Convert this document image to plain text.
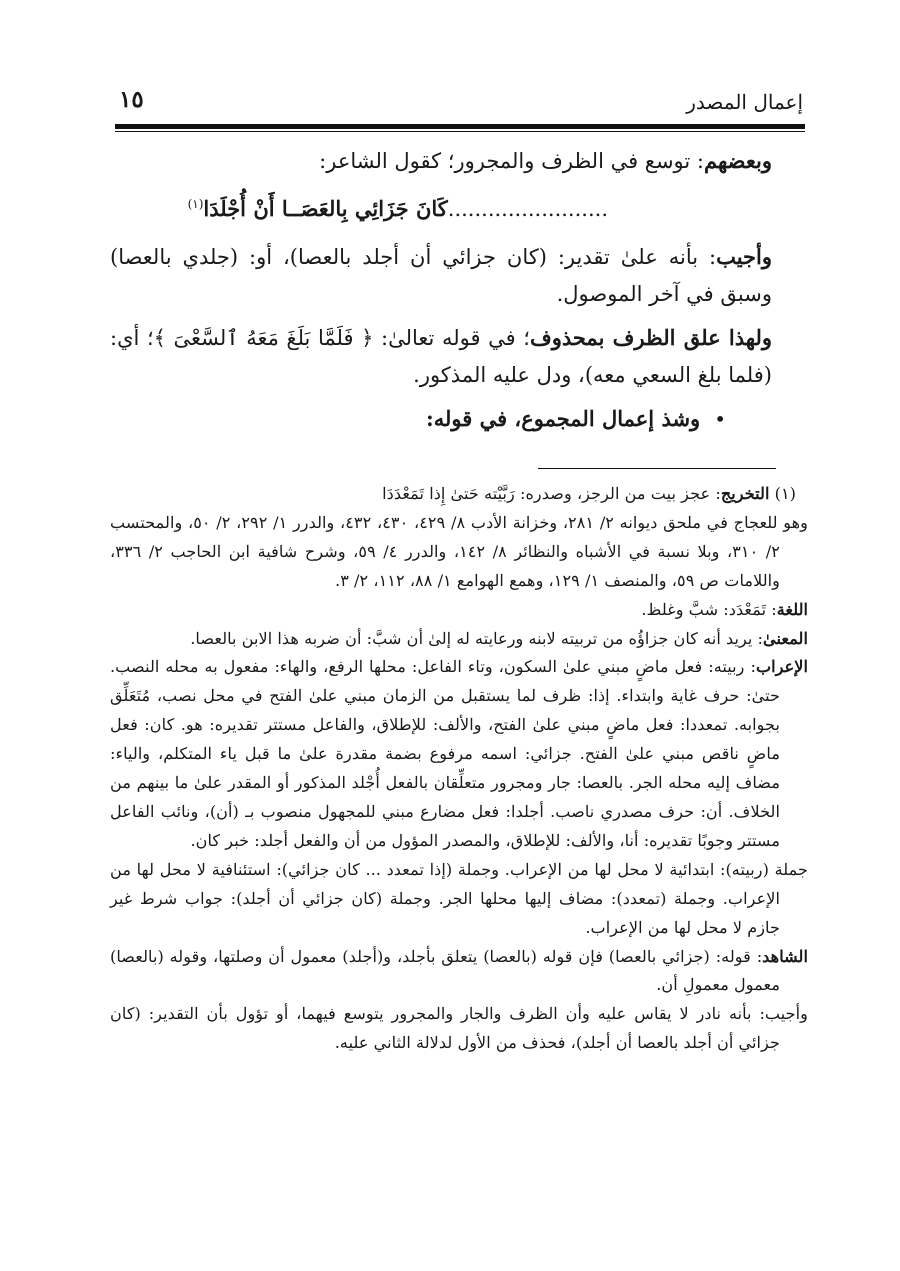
إعمال المصدر
١٥

وبعضهم: توسع في الظرف والمجرور؛ كقول الشاعر:

........................كَانَ جَزَائِي بِالعَصَــا أَنْ أُجْلَدَا$^{(١)}$

وأجيب: بأنه علىٰ تقدير: (كان جزائي أن أجلد بالعصا)، أو: (جلدي بالعصا) وسبق في آخر الموصول.

ولهذا علق الظرف بمحذوف؛ في قوله تعالىٰ: ﴿ فَلَمَّا بَلَغَ مَعَهُ ٱلسَّعْىَ ﴾؛ أي: (فلما بلغ السعي معه)، ودل عليه المذكور.

•وشذ إعمال المجموع، في قوله:

(١) التخريج: عجز بيت من الرجز، وصدره: رَبَّيْته حَتىٰ إِذا تَمَعْدَدَا

وهو للعجاج في ملحق ديوانه ٢/ ٢٨١، وخزانة الأدب ٨/ ٤٢٩، ٤٣٠، ٤٣٢، والدرر ١/ ٢٩٢، ٢/ ٥٠، والمحتسب ٢/ ٣١٠، وبلا نسبة في الأشباه والنظائر ٨/ ١٤٢، والدرر ٤/ ٥٩، وشرح شافية ابن الحاجب ٢/ ٣٣٦، واللامات ص ٥٩، والمنصف ١/ ١٢٩، وهمع الهوامع ١/ ٨٨، ١١٢، ٢/ ٣.

اللغة: تَمَعْدَد: شبَّ وغلظ.

المعنىٰ: يريد أنه كان جزاؤُه من تربيته لابنه ورعايته له إلىٰ أن شبَّ: أن ضربه هذا الابن بالعصا.

الإعراب: ربيته: فعل ماضٍ مبني علىٰ السكون، وتاء الفاعل: محلها الرفع، والهاء: مفعول به محله النصب. حتىٰ: حرف غاية وابتداء. إذا: ظرف لما يستقبل من الزمان مبني علىٰ الفتح في محل نصب، مُتَعَلِّق بجوابه. تمعددا: فعل ماضٍ مبني علىٰ الفتح، والألف: للإطلاق، والفاعل مستتر تقديره: هو. كان: فعل ماضٍ ناقص مبني علىٰ الفتح. جزائي: اسمه مرفوع بضمة مقدرة علىٰ ما قبل ياء المتكلم، والياء: مضاف إليه محله الجر. بالعصا: جار ومجرور متعلِّقان بالفعل أُجْلد المذكور أو المقدر علىٰ ما بينهم من الخلاف. أن: حرف مصدري ناصب. أجلدا: فعل مضارع مبني للمجهول منصوب بـ (أن)، ونائب الفاعل مستتر وجوبًا تقديره: أنا، والألف: للإطلاق، والمصدر المؤول من أن والفعل أجلد: خبر كان.

جملة (ربيته): ابتدائية لا محل لها من الإعراب. وجملة (إذا تمعدد ... كان جزائي): استئنافية لا محل لها من الإعراب. وجملة (تمعدد): مضاف إليها محلها الجر. وجملة (كان جزائي أن أجلد): جواب شرط غير جازم لا محل لها من الإعراب.

الشاهد: قوله: (جزائي بالعصا) فإن قوله (بالعصا) يتعلق بأجلد، و(أجلد) معمول أن وصلتها، وقوله (بالعصا) معمول معمولِ أن.

وأجيب: بأنه نادر لا يقاس عليه وأن الظرف والجار والمجرور يتوسع فيهما، أو تؤول بأن التقدير: (كان جزائي أن أجلد بالعصا أن أجلد)، فحذف من الأول لدلالة الثاني عليه.
